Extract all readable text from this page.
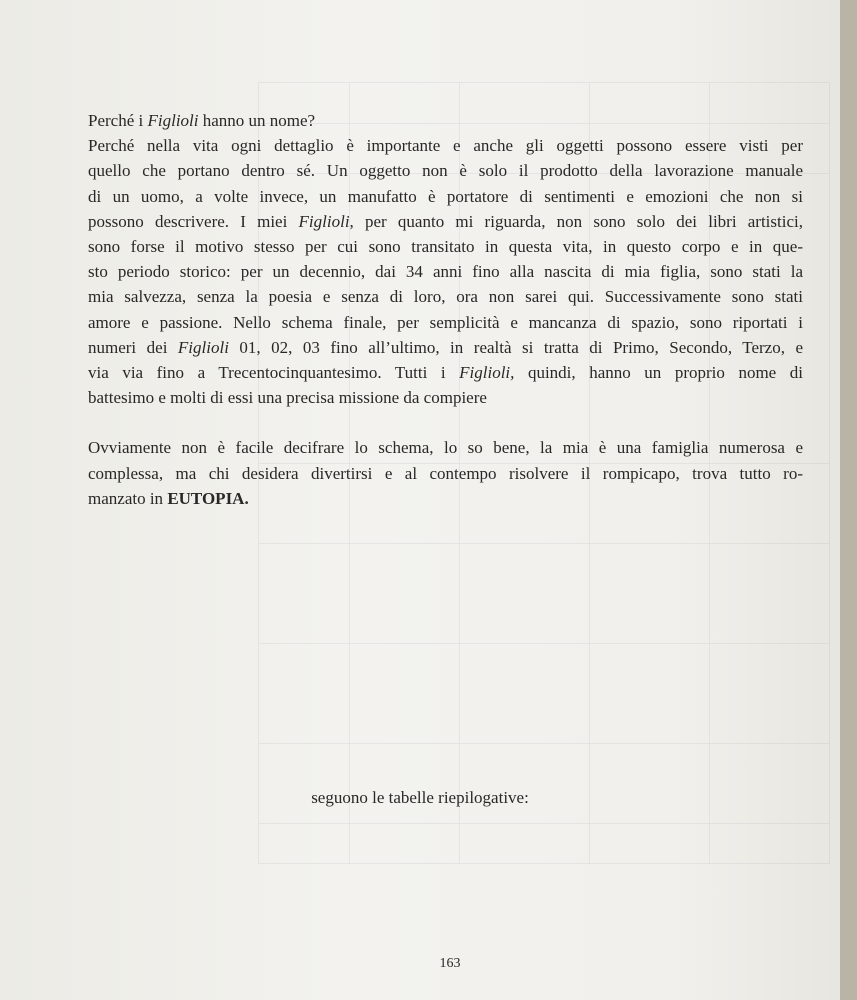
Perché i Figlioli hanno un nome?

Perché nella vita ogni dettaglio è importante e anche gli oggetti possono essere visti per
quello che portano dentro sé. Un oggetto non è solo il prodotto della lavorazione manuale
di un uomo, a volte invece, un manufatto è portatore di sentimenti e emozioni che non si
possono descrivere. I miei Figlioli, per quanto mi riguarda, non sono solo dei libri artistici,
sono forse il motivo stesso per cui sono transitato in questa vita, in questo corpo e in que-
sto periodo storico: per un decennio, dai 34 anni fino alla nascita di mia figlia, sono stati la
mia salvezza, senza la poesia e senza di loro, ora non sarei qui. Successivamente sono stati
amore e passione. Nello schema finale, per semplicità e mancanza di spazio, sono riportati i
numeri dei Figlioli 01, 02, 03 fino all’ultimo, in realtà si tratta di Primo, Secondo, Terzo, e
via via fino a Trecentocinquantesimo. Tutti i Figlioli, quindi, hanno un proprio nome di
battesimo e molti di essi una precisa missione da compiere

Ovviamente non è facile decifrare lo schema, lo so bene, la mia è una famiglia numerosa e
complessa, ma chi desidera divertirsi e al contempo risolvere il rompicapo, trova tutto ro-
manzato in EUTOPIA.

seguono le tabelle riepilogative:
163
